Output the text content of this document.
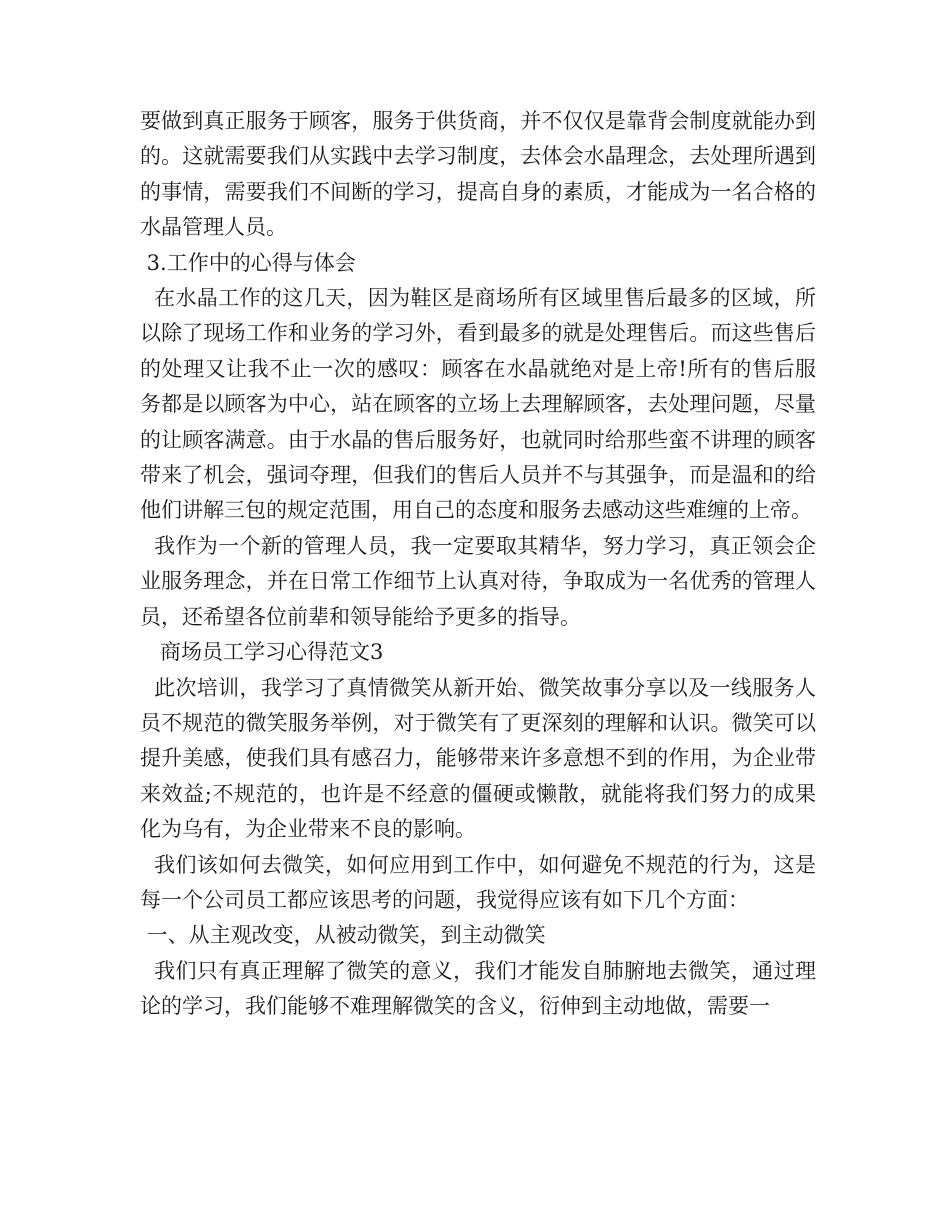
要做到真正服务于顾客，服务于供货商，并不仅仅是靠背会制度就能办到的。这就需要我们从实践中去学习制度，去体会水晶理念，去处理所遇到的事情，需要我们不间断的学习，提高自身的素质，才能成为一名合格的水晶管理人员。

3.工作中的心得与体会

在水晶工作的这几天，因为鞋区是商场所有区域里售后最多的区域，所以除了现场工作和业务的学习外，看到最多的就是处理售后。而这些售后的处理又让我不止一次的感叹：顾客在水晶就绝对是上帝!所有的售后服务都是以顾客为中心，站在顾客的立场上去理解顾客，去处理问题，尽量的让顾客满意。由于水晶的售后服务好，也就同时给那些蛮不讲理的顾客带来了机会，强词夺理，但我们的售后人员并不与其强争，而是温和的给他们讲解三包的规定范围，用自己的态度和服务去感动这些难缠的上帝。

我作为一个新的管理人员，我一定要取其精华，努力学习，真正领会企业服务理念，并在日常工作细节上认真对待，争取成为一名优秀的管理人员，还希望各位前辈和领导能给予更多的指导。

商场员工学习心得范文3

此次培训，我学习了真情微笑从新开始、微笑故事分享以及一线服务人员不规范的微笑服务举例，对于微笑有了更深刻的理解和认识。微笑可以提升美感，使我们具有感召力，能够带来许多意想不到的作用，为企业带来效益;不规范的，也许是不经意的僵硬或懒散，就能将我们努力的成果化为乌有，为企业带来不良的影响。

我们该如何去微笑，如何应用到工作中，如何避免不规范的行为，这是每一个公司员工都应该思考的问题，我觉得应该有如下几个方面：

一、从主观改变，从被动微笑，到主动微笑

我们只有真正理解了微笑的意义，我们才能发自肺腑地去微笑，通过理论的学习，我们能够不难理解微笑的含义，衍伸到主动地做，需要一
